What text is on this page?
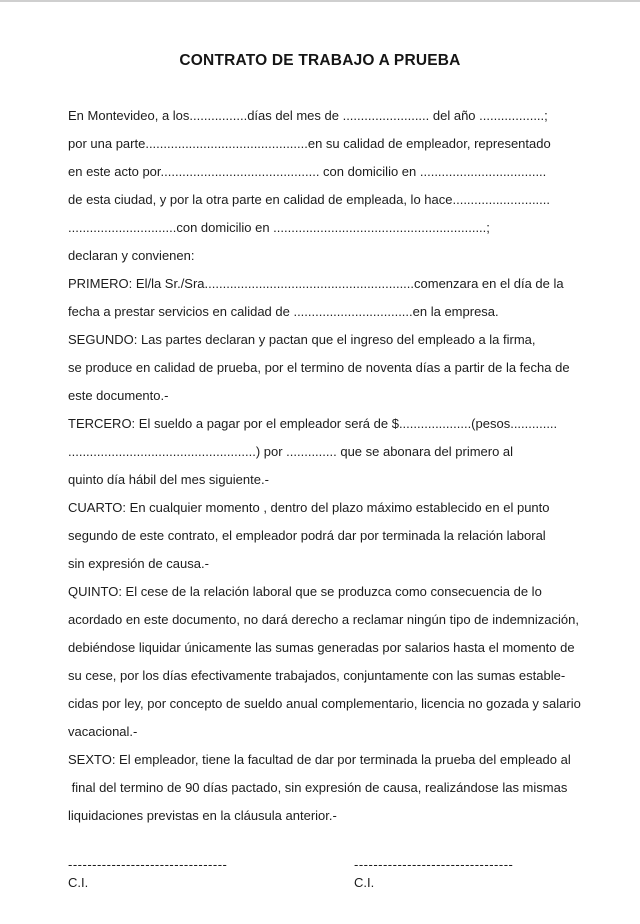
CONTRATO DE TRABAJO A PRUEBA
En Montevideo, a los................días del mes de ........................ del año ..................;
por una parte.............................................en su calidad de empleador, representado
en este acto por............................................ con domicilio en ...................................
de esta ciudad, y por la otra parte en calidad de empleada, lo hace...........................
..............................con domicilio en ...........................................................;
declaran y convienen:
PRIMERO: El/la Sr./Sra..........................................................comenzara en el día de la
fecha a prestar servicios en calidad de .................................en la empresa.
SEGUNDO: Las partes declaran y pactan que el ingreso del empleado a la firma,
se produce en calidad de prueba, por el termino de noventa días a partir de la fecha de
este documento.-
TERCERO: El sueldo a pagar por el empleador será de $....................(pesos.............
....................................................) por .............. que se abonara del primero al
quinto día hábil del mes siguiente.-
CUARTO: En cualquier momento , dentro del plazo máximo establecido en el punto
segundo de este contrato, el empleador podrá dar por terminada la relación laboral
sin expresión de causa.-
QUINTO: El cese de la relación laboral que se produzca como consecuencia de lo
acordado en este documento, no dará derecho a reclamar ningún tipo de indemnización,
debiéndose liquidar únicamente las sumas generadas por salarios hasta el momento de
su cese, por los días efectivamente trabajados, conjuntamente con las sumas estable-
cidas por ley, por concepto de sueldo anual complementario, licencia no gozada y salario
vacacional.-
SEXTO: El empleador, tiene la facultad de dar por terminada la prueba del empleado al
final del termino de 90 días pactado, sin expresión de causa, realizándose las mismas
liquidaciones previstas en la cláusula anterior.-
---------------------------------
C.I.
---------------------------------
C.I.
